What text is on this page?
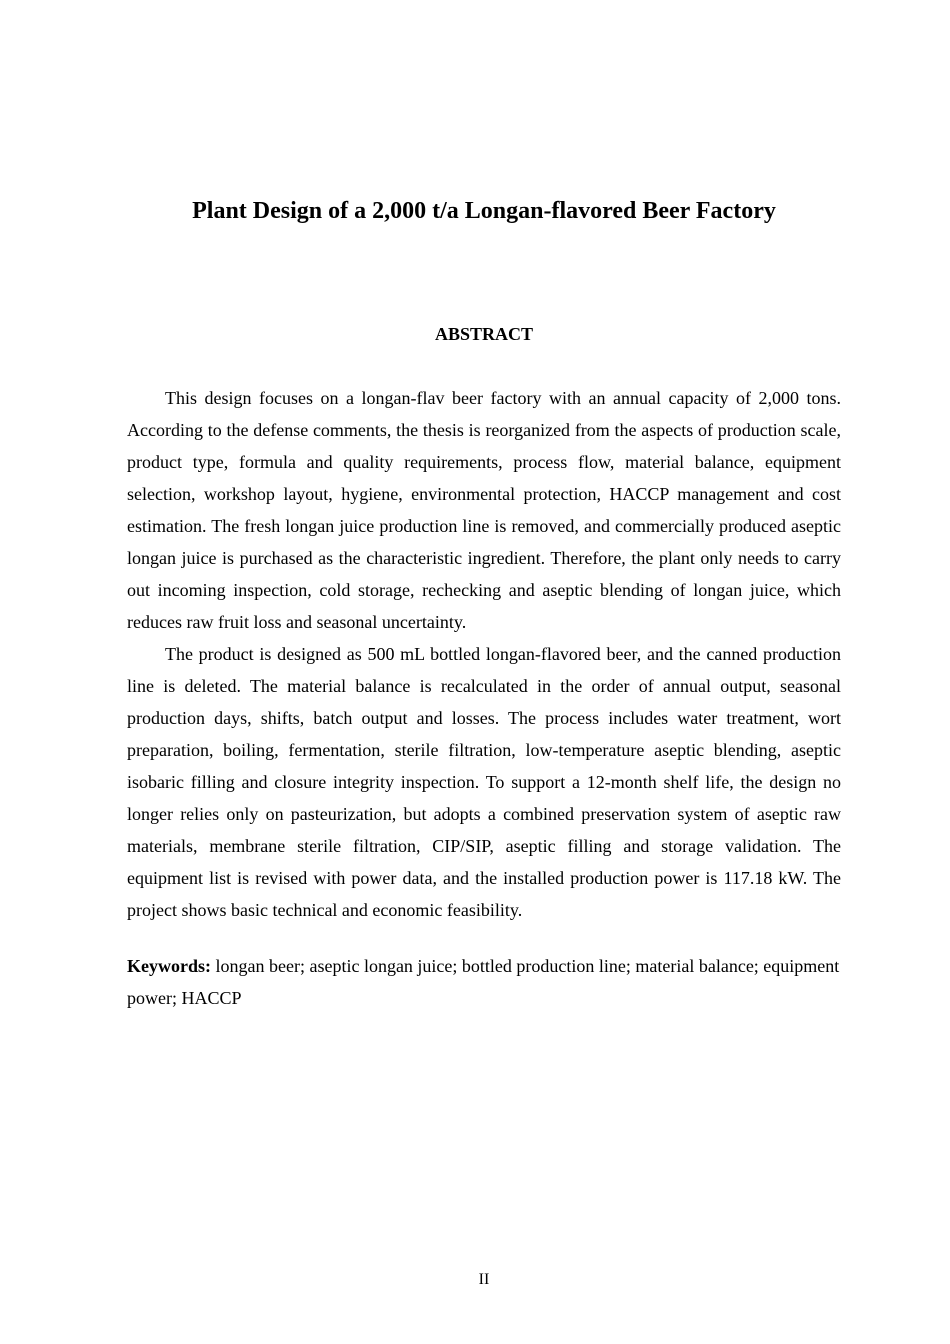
Plant Design of a 2,000 t/a Longan-flavored Beer Factory
ABSTRACT

This design focuses on a longan-flav beer factory with an annual capacity of 2,000 tons. According to the defense comments, the thesis is reorganized from the aspects of production scale, product type, formula and quality requirements, process flow, material balance, equipment selection, workshop layout, hygiene, environmental protection, HACCP management and cost estimation. The fresh longan juice production line is removed, and commercially produced aseptic longan juice is purchased as the characteristic ingredient. Therefore, the plant only needs to carry out incoming inspection, cold storage, rechecking and aseptic blending of longan juice, which reduces raw fruit loss and seasonal uncertainty.

The product is designed as 500 mL bottled longan-flavored beer, and the canned production line is deleted. The material balance is recalculated in the order of annual output, seasonal production days, shifts, batch output and losses. The process includes water treatment, wort preparation, boiling, fermentation, sterile filtration, low-temperature aseptic blending, aseptic isobaric filling and closure integrity inspection. To support a 12-month shelf life, the design no longer relies only on pasteurization, but adopts a combined preservation system of aseptic raw materials, membrane sterile filtration, CIP/SIP, aseptic filling and storage validation. The equipment list is revised with power data, and the installed production power is 117.18 kW. The project shows basic technical and economic feasibility.

Keywords: longan beer; aseptic longan juice; bottled production line; material balance; equipment power; HACCP

II
